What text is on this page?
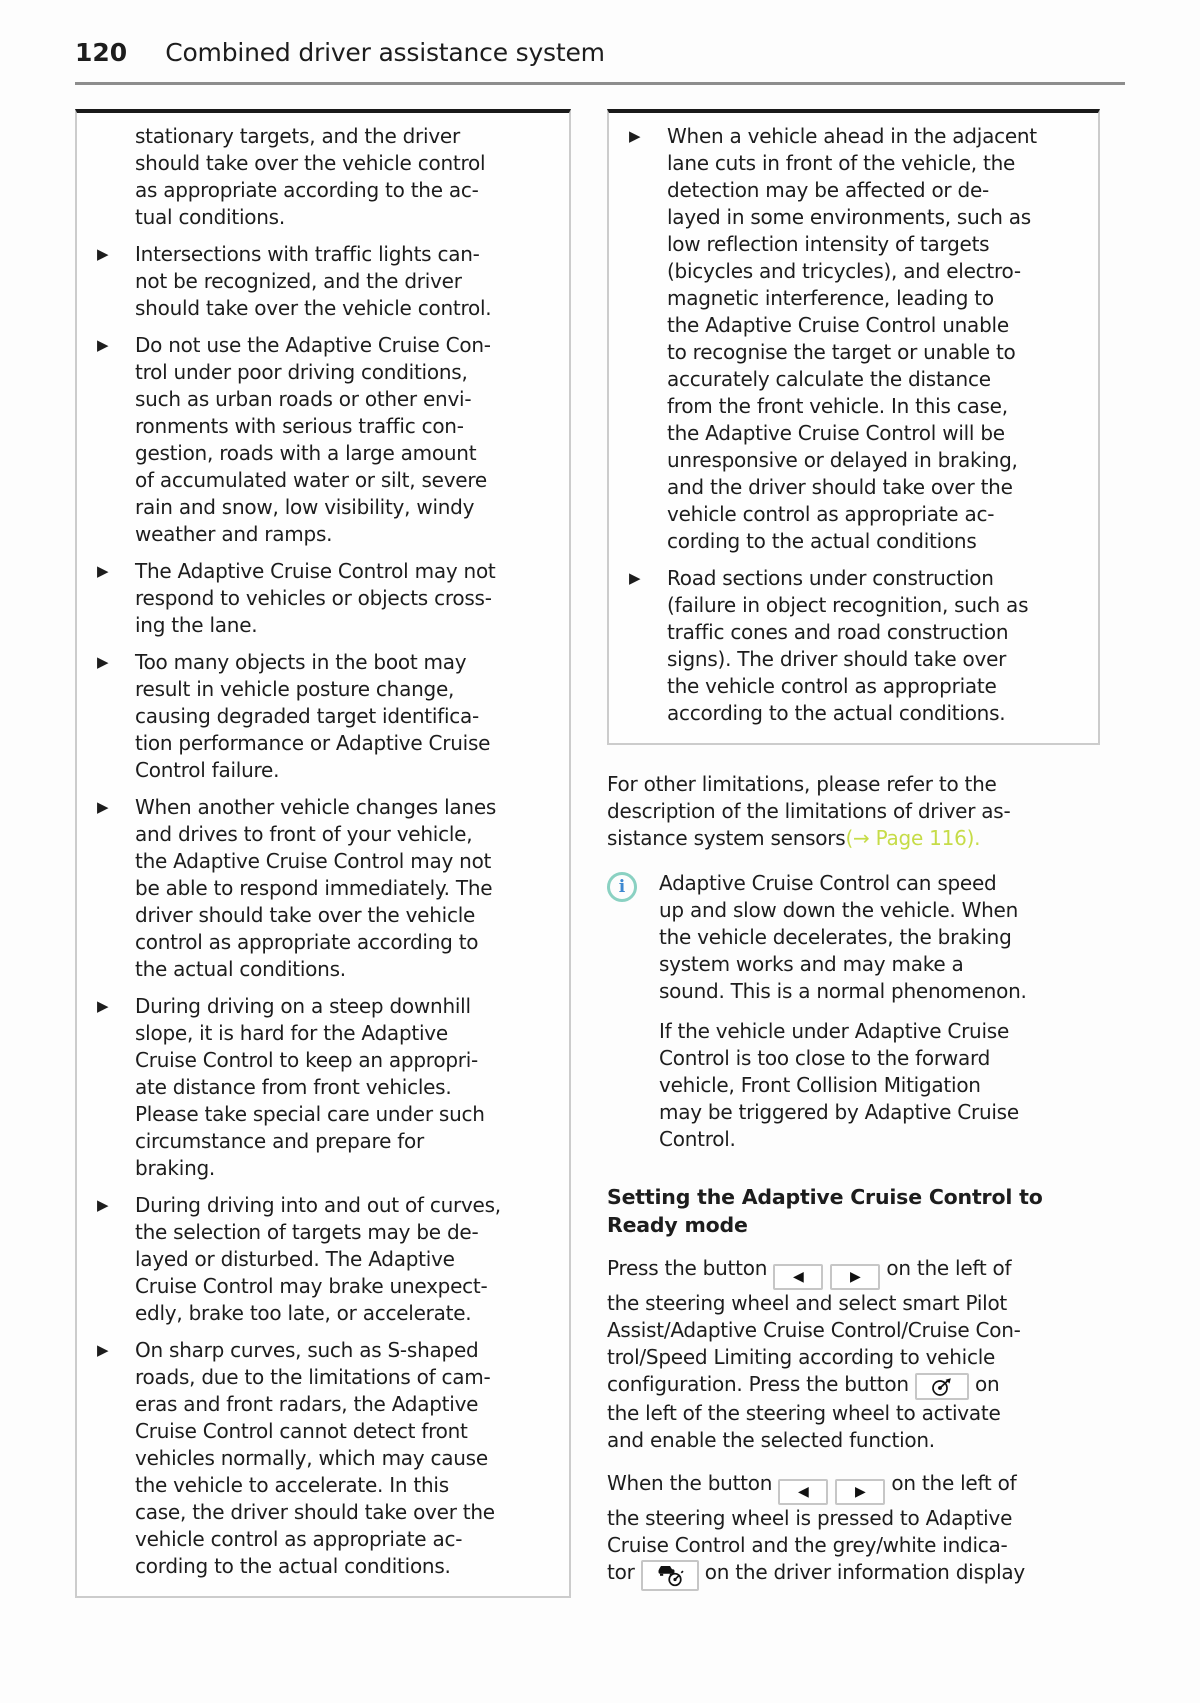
120 Combined driver assistance system
stationary targets, and the driver
should take over the vehicle control
as appropriate according to the ac-
tual conditions.
▶	Intersections with traffic lights can-
not be recognized, and the driver
should take over the vehicle control.
▶	Do not use the Adaptive Cruise Con-
trol under poor driving conditions,
such as urban roads or other envi-
ronments with serious traffic con-
gestion, roads with a large amount
of accumulated water or silt, severe
rain and snow, low visibility, windy
weather and ramps.
▶	The Adaptive Cruise Control may not
respond to vehicles or objects cross-
ing the lane.
▶	Too many objects in the boot may
result in vehicle posture change,
causing degraded target identifica-
tion performance or Adaptive Cruise
Control failure.
▶	When another vehicle changes lanes
and drives to front of your vehicle,
the Adaptive Cruise Control may not
be able to respond immediately. The
driver should take over the vehicle
control as appropriate according to
the actual conditions.
▶	During driving on a steep downhill
slope, it is hard for the Adaptive
Cruise Control to keep an appropri-
ate distance from front vehicles.
Please take special care under such
circumstance and prepare for
braking.
▶	During driving into and out of curves,
the selection of targets may be de-
layed or disturbed. The Adaptive
Cruise Control may brake unexpect-
edly, brake too late, or accelerate.
▶	On sharp curves, such as S-shaped
roads, due to the limitations of cam-
eras and front radars, the Adaptive
Cruise Control cannot detect front
vehicles normally, which may cause
the vehicle to accelerate. In this
case, the driver should take over the
vehicle control as appropriate ac-
cording to the actual conditions.
▶	When a vehicle ahead in the adjacent
lane cuts in front of the vehicle, the
detection may be affected or de-
layed in some environments, such as
low reflection intensity of targets
(bicycles and tricycles), and electro-
magnetic interference, leading to
the Adaptive Cruise Control unable
to recognise the target or unable to
accurately calculate the distance
from the front vehicle. In this case,
the Adaptive Cruise Control will be
unresponsive or delayed in braking,
and the driver should take over the
vehicle control as appropriate ac-
cording to the actual conditions
▶	Road sections under construction
(failure in object recognition, such as
traffic cones and road construction
signs). The driver should take over
the vehicle control as appropriate
according to the actual conditions.

For other limitations, please refer to the
description of the limitations of driver as-
sistance system sensors(→ Page 116).

i Adaptive Cruise Control can speed
up and slow down the vehicle. When
the vehicle decelerates, the braking
system works and may make a
sound. This is a normal phenomenon.

If the vehicle under Adaptive Cruise
Control is too close to the forward
vehicle, Front Collision Mitigation
may be triggered by Adaptive Cruise
Control.

Setting the Adaptive Cruise Control to
Ready mode

Press the button ◀	▶ on the left of
the steering wheel and select smart Pilot
Assist/Adaptive Cruise Control/Cruise Con-
trol/Speed Limiting according to vehicle
configuration. Press the button	on
the left of the steering wheel to activate
and enable the selected function.

When the button ◀	▶ on the left of
the steering wheel is pressed to Adaptive
Cruise Control and the grey/white indica-
tor	on the driver information display
